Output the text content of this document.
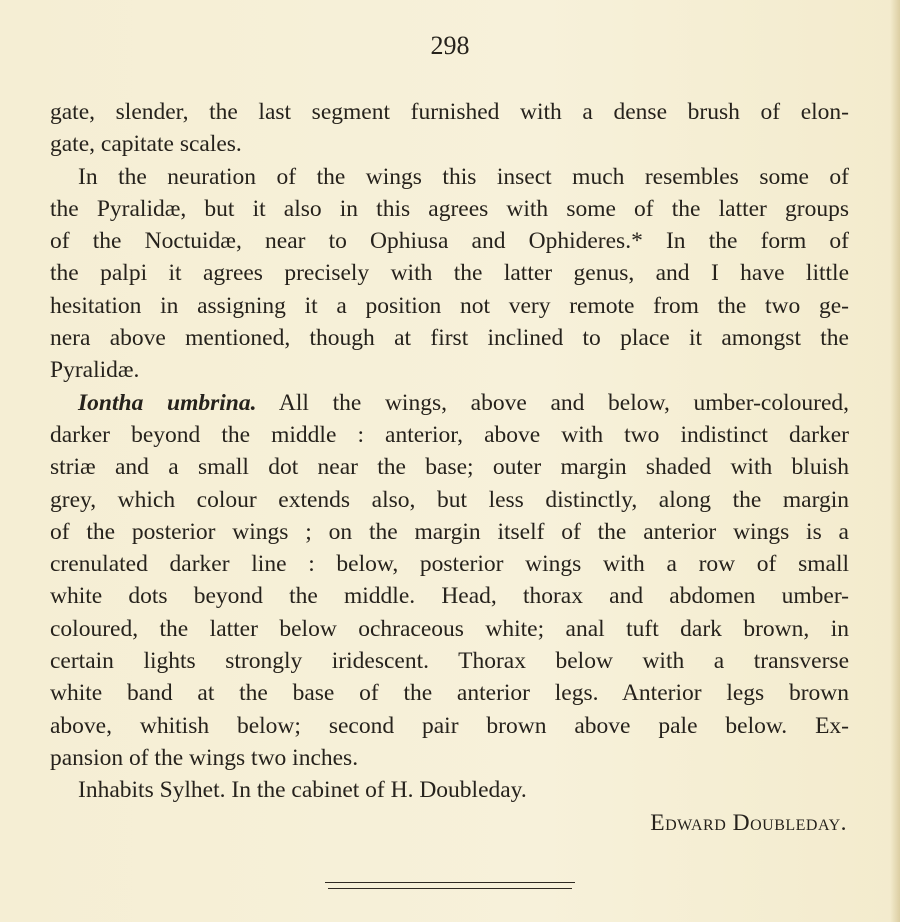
298
gate, slender, the last segment furnished with a dense brush of elon-
gate, capitate scales.
In the neuration of the wings this insect much resembles some of
the Pyralidæ, but it also in this agrees with some of the latter groups
of the Noctuidæ, near to Ophiusa and Ophideres.* In the form of
the palpi it agrees precisely with the latter genus, and I have little
hesitation in assigning it a position not very remote from the two ge-
nera above mentioned, though at first inclined to place it amongst the
Pyralidæ.
Iontha umbrina. All the wings, above and below, umber-coloured,
darker beyond the middle : anterior, above with two indistinct darker
striæ and a small dot near the base; outer margin shaded with bluish
grey, which colour extends also, but less distinctly, along the margin
of the posterior wings ; on the margin itself of the anterior wings is a
crenulated darker line : below, posterior wings with a row of small
white dots beyond the middle. Head, thorax and abdomen umber-
coloured, the latter below ochraceous white; anal tuft dark brown, in
certain lights strongly iridescent. Thorax below with a transverse
white band at the base of the anterior legs. Anterior legs brown
above, whitish below; second pair brown above pale below. Ex-
pansion of the wings two inches.
Inhabits Sylhet. In the cabinet of H. Doubleday.
Edward Doubleday.
